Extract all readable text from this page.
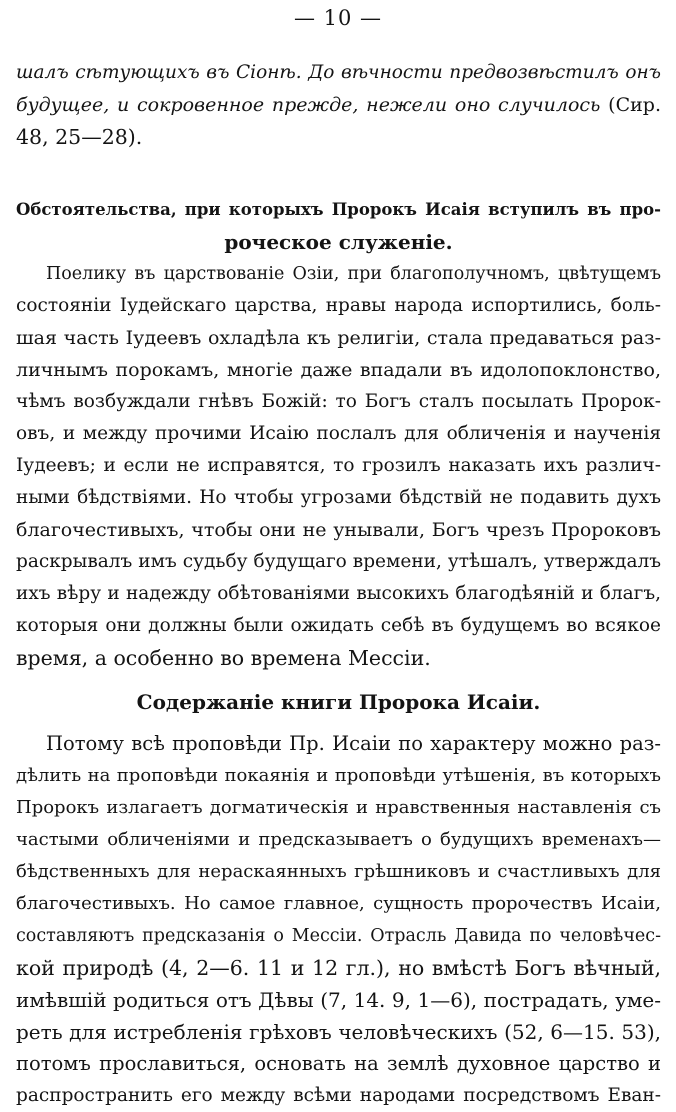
— 10 —
шалъ сѣтующихъ въ Сіонѣ. До вѣчности предвозвѣстилъ онъ
будущее, и сокровенное прежде, нежели оно случилось (Сир.
48, 25—28).
Обстоятельства, при которыхъ Пророкъ Исаія вступилъ въ про-
роческое служеніе.
Поелику въ царствованіе Озіи, при благополучномъ, цвѣтущемъ
состояніи Іудейскаго царства, нравы народа испортились, боль-
шая часть Іудеевъ охладѣла къ религіи, стала предаваться раз-
личнымъ порокамъ, многіе даже впадали въ идолопоклонство,
чѣмъ возбуждали гнѣвъ Божій: то Богъ сталъ посылать Пророк-
овъ, и между прочими Исаію послалъ для обличенія и наученія
Іудеевъ; и если не исправятся, то грозилъ наказать ихъ различ-
ными бѣдствіями. Но чтобы угрозами бѣдствій не подавить духъ
благочестивыхъ, чтобы они не унывали, Богъ чрезъ Пророковъ
раскрывалъ имъ судьбу будущаго времени, утѣшалъ, утверждалъ
ихъ вѣру и надежду обѣтованіями высокихъ благодѣяній и благъ,
которыя они должны были ожидать себѣ въ будущемъ во всякое
время, а особенно во времена Мессіи.
Содержаніе книги Пророка Исаіи.
Потому всѣ проповѣди Пр. Исаіи по характеру можно раз-
дѣлить на проповѣди покаянія и проповѣди утѣшенія, въ которыхъ
Пророкъ излагаетъ догматическія и нравственныя наставленія съ
частыми обличеніями и предсказываетъ о будущихъ временахъ—
бѣдственныхъ для нераскаянныхъ грѣшниковъ и счастливыхъ для
благочестивыхъ. Но самое главное, сущность пророчествъ Исаіи,
составляютъ предсказанія о Мессіи. Отрасль Давида по человѣчес-
кой природѣ (4, 2—6. 11 и 12 гл.), но вмѣстѣ Богъ вѣчный,
имѣвшій родиться отъ Дѣвы (7, 14. 9, 1—6), пострадать, уме-
реть для истребленія грѣховъ человѣческихъ (52, 6—15. 53),
потомъ прославиться, основать на землѣ духовное царство и
распространить его между всѣми народами посредствомъ Еван-
